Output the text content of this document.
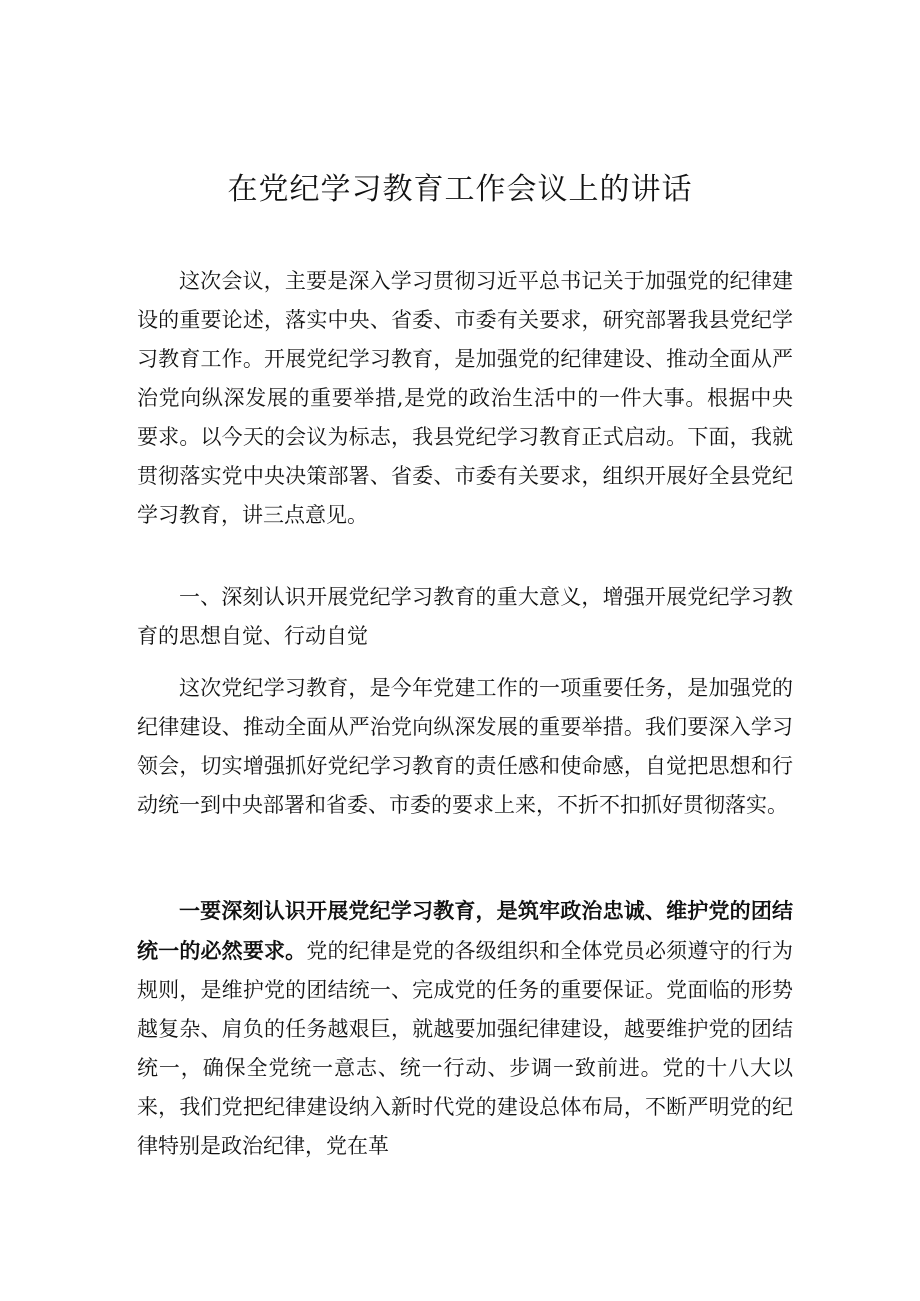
在党纪学习教育工作会议上的讲话

这次会议，主要是深入学习贯彻习近平总书记关于加强党的纪律建设的重要论述，落实中央、省委、市委有关要求，研究部署我县党纪学习教育工作。开展党纪学习教育，是加强党的纪律建设、推动全面从严治党向纵深发展的重要举措,是党的政治生活中的一件大事。根据中央要求。以今天的会议为标志，我县党纪学习教育正式启动。下面，我就贯彻落实党中央决策部署、省委、市委有关要求，组织开展好全县党纪学习教育，讲三点意见。

一、深刻认识开展党纪学习教育的重大意义，增强开展党纪学习教育的思想自觉、行动自觉

这次党纪学习教育，是今年党建工作的一项重要任务，是加强党的纪律建设、推动全面从严治党向纵深发展的重要举措。我们要深入学习领会，切实增强抓好党纪学习教育的责任感和使命感，自觉把思想和行动统一到中央部署和省委、市委的要求上来，不折不扣抓好贯彻落实。

一要深刻认识开展党纪学习教育，是筑牢政治忠诚、维护党的团结统一的必然要求。党的纪律是党的各级组织和全体党员必须遵守的行为规则，是维护党的团结统一、完成党的任务的重要保证。党面临的形势越复杂、肩负的任务越艰巨，就越要加强纪律建设，越要维护党的团结统一，确保全党统一意志、统一行动、步调一致前进。党的十八大以来，我们党把纪律建设纳入新时代党的建设总体布局，不断严明党的纪律特别是政治纪律，党在革
